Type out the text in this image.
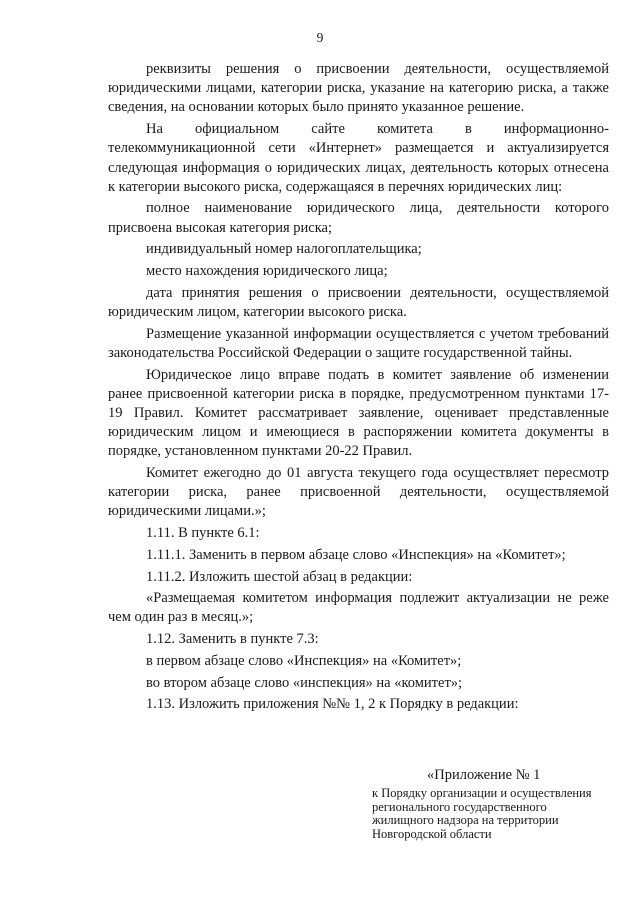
9

реквизиты решения о присвоении деятельности, осуществляемой юридическими лицами, категории риска, указание на категорию риска, а также сведения, на основании которых было принято указанное решение.

На официальном сайте комитета в информационно-телекоммуникационной сети «Интернет» размещается и актуализируется следующая информация о юридических лицах, деятельность которых отнесена к категории высокого риска, содержащаяся в перечнях юридических лиц:

полное наименование юридического лица, деятельности которого присвоена высокая категория риска;

индивидуальный номер налогоплательщика;

место нахождения юридического лица;

дата принятия решения о присвоении деятельности, осуществляемой юридическим лицом, категории высокого риска.

Размещение указанной информации осуществляется с учетом требований законодательства Российской Федерации о защите государственной тайны.

Юридическое лицо вправе подать в комитет заявление об изменении ранее присвоенной категории риска в порядке, предусмотренном пунктами 17-19 Правил. Комитет рассматривает заявление, оценивает представленные юридическим лицом и имеющиеся в распоряжении комитета документы в порядке, установленном пунктами 20-22 Правил.

Комитет ежегодно до 01 августа текущего года осуществляет пересмотр категории риска, ранее присвоенной деятельности, осуществляемой юридическими лицами.»;

1.11. В пункте 6.1:

1.11.1. Заменить в первом абзаце слово «Инспекция» на «Комитет»;

1.11.2. Изложить шестой абзац в редакции:

«Размещаемая комитетом информация подлежит актуализации не реже чем один раз в месяц.»;

1.12. Заменить в пункте 7.3:

в первом абзаце слово «Инспекция» на «Комитет»;

во втором абзаце слово «инспекция» на «комитет»;

1.13. Изложить приложения №№ 1, 2 к Порядку в редакции:

«Приложение № 1

к Порядку организации и осуществления регионального государственного жилищного надзора на территории Новгородской области
